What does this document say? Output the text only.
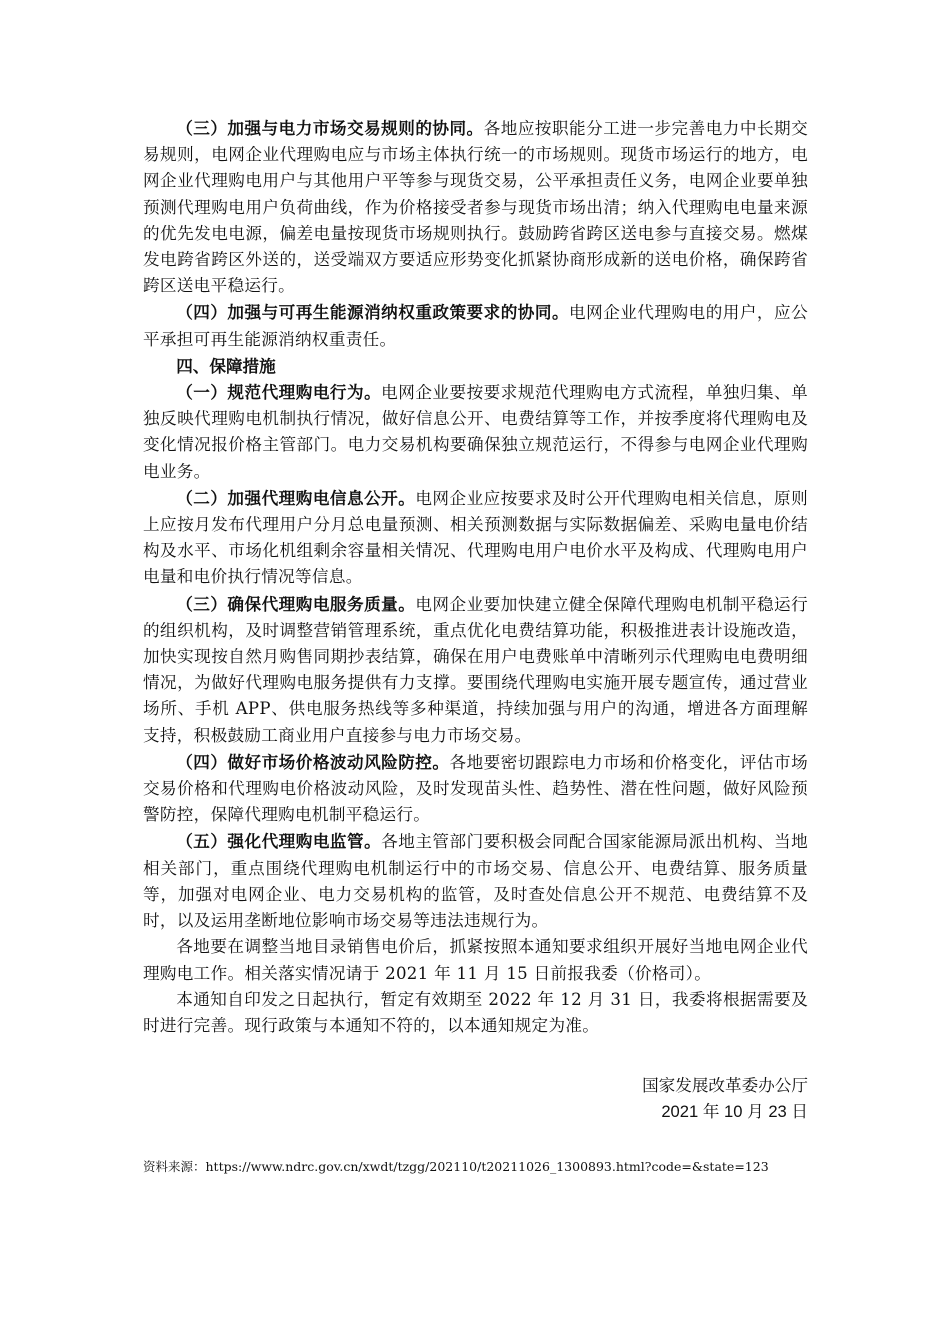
（三）加强与电力市场交易规则的协同。各地应按职能分工进一步完善电力中长期交易规则，电网企业代理购电应与市场主体执行统一的市场规则。现货市场运行的地方，电网企业代理购电用户与其他用户平等参与现货交易，公平承担责任义务，电网企业要单独预测代理购电用户负荷曲线，作为价格接受者参与现货市场出清；纳入代理购电电量来源的优先发电电源，偏差电量按现货市场规则执行。鼓励跨省跨区送电参与直接交易。燃煤发电跨省跨区外送的，送受端双方要适应形势变化抓紧协商形成新的送电价格，确保跨省跨区送电平稳运行。

（四）加强与可再生能源消纳权重政策要求的协同。电网企业代理购电的用户，应公平承担可再生能源消纳权重责任。

四、保障措施

（一）规范代理购电行为。电网企业要按要求规范代理购电方式流程，单独归集、单独反映代理购电机制执行情况，做好信息公开、电费结算等工作，并按季度将代理购电及变化情况报价格主管部门。电力交易机构要确保独立规范运行，不得参与电网企业代理购电业务。

（二）加强代理购电信息公开。电网企业应按要求及时公开代理购电相关信息，原则上应按月发布代理用户分月总电量预测、相关预测数据与实际数据偏差、采购电量电价结构及水平、市场化机组剩余容量相关情况、代理购电用户电价水平及构成、代理购电用户电量和电价执行情况等信息。

（三）确保代理购电服务质量。电网企业要加快建立健全保障代理购电机制平稳运行的组织机构，及时调整营销管理系统，重点优化电费结算功能，积极推进表计设施改造，加快实现按自然月购售同期抄表结算，确保在用户电费账单中清晰列示代理购电电费明细情况，为做好代理购电服务提供有力支撑。要围绕代理购电实施开展专题宣传，通过营业场所、手机 APP、供电服务热线等多种渠道，持续加强与用户的沟通，增进各方面理解支持，积极鼓励工商业用户直接参与电力市场交易。

（四）做好市场价格波动风险防控。各地要密切跟踪电力市场和价格变化，评估市场交易价格和代理购电价格波动风险，及时发现苗头性、趋势性、潜在性问题，做好风险预警防控，保障代理购电机制平稳运行。

（五）强化代理购电监管。各地主管部门要积极会同配合国家能源局派出机构、当地相关部门，重点围绕代理购电机制运行中的市场交易、信息公开、电费结算、服务质量等，加强对电网企业、电力交易机构的监管，及时查处信息公开不规范、电费结算不及时，以及运用垄断地位影响市场交易等违法违规行为。

各地要在调整当地目录销售电价后，抓紧按照本通知要求组织开展好当地电网企业代理购电工作。相关落实情况请于 2021 年 11 月 15 日前报我委（价格司）。

本通知自印发之日起执行，暂定有效期至 2022 年 12 月 31 日，我委将根据需要及时进行完善。现行政策与本通知不符的，以本通知规定为准。

国家发展改革委办公厅

2021 年 10 月 23 日

资料来源：https://www.ndrc.gov.cn/xwdt/tzgg/202110/t20211026_1300893.html?code=&state=123
